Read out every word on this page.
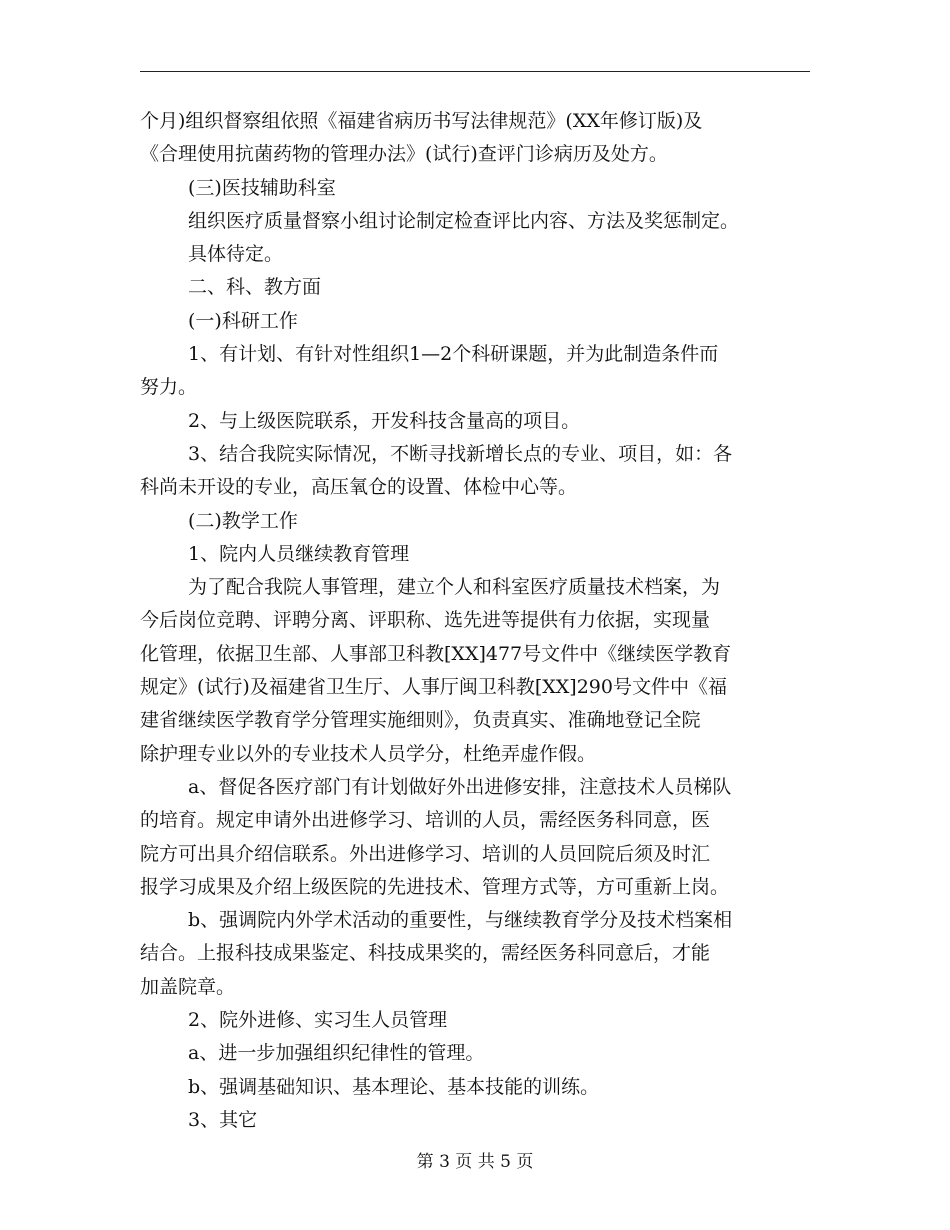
个月)组织督察组依照《福建省病历书写法律规范》(XX年修订版)及
《合理使用抗菌药物的管理办法》(试行)查评门诊病历及处方。
(三)医技辅助科室
组织医疗质量督察小组讨论制定检查评比内容、方法及奖惩制定。
具体待定。
二、科、教方面
(一)科研工作
1、有计划、有针对性组织1—2个科研课题，并为此制造条件而
努力。
2、与上级医院联系，开发科技含量高的项目。
3、结合我院实际情况，不断寻找新增长点的专业、项目，如：各
科尚未开设的专业，高压氧仓的设置、体检中心等。
(二)教学工作
1、院内人员继续教育管理
为了配合我院人事管理，建立个人和科室医疗质量技术档案，为
今后岗位竞聘、评聘分离、评职称、选先进等提供有力依据，实现量
化管理，依据卫生部、人事部卫科教[XX]477号文件中《继续医学教育
规定》(试行)及福建省卫生厅、人事厅闽卫科教[XX]290号文件中《福
建省继续医学教育学分管理实施细则》，负责真实、准确地登记全院
除护理专业以外的专业技术人员学分，杜绝弄虚作假。
a、督促各医疗部门有计划做好外出进修安排，注意技术人员梯队
的培育。规定申请外出进修学习、培训的人员，需经医务科同意，医
院方可出具介绍信联系。外出进修学习、培训的人员回院后须及时汇
报学习成果及介绍上级医院的先进技术、管理方式等，方可重新上岗。
b、强调院内外学术活动的重要性，与继续教育学分及技术档案相
结合。上报科技成果鉴定、科技成果奖的，需经医务科同意后，才能
加盖院章。
2、院外进修、实习生人员管理
a、进一步加强组织纪律性的管理。
b、强调基础知识、基本理论、基本技能的训练。
3、其它
第 3 页 共 5 页
